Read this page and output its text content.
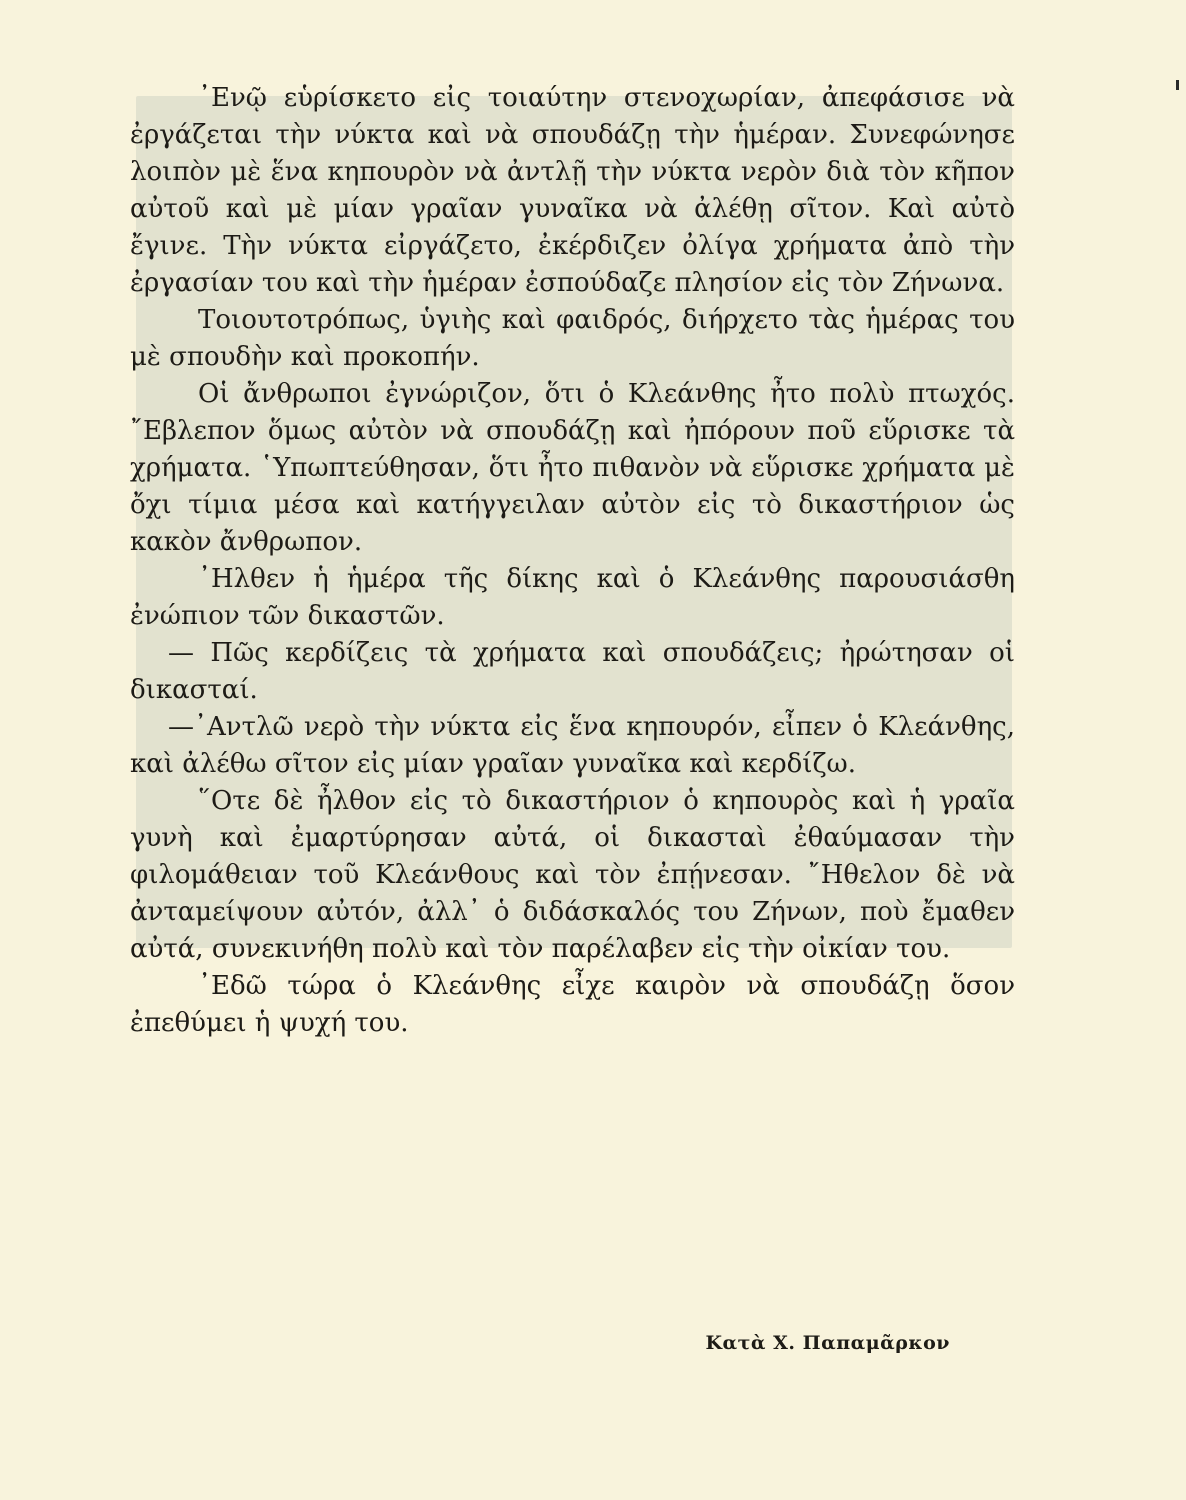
᾿Ενῷ εὑρίσκετο εἰς τοιαύτην στενοχωρίαν, ἀπεφάσισε νὰ ἐργάζεται τὴν νύκτα καὶ νὰ σπουδάζῃ τὴν ἡμέραν. Συνεφώνησε λοιπὸν μὲ ἕνα κηπουρὸν νὰ ἀντλῇ τὴν νύκτα νερὸν διὰ τὸν κῆπον αὐτοῦ καὶ μὲ μίαν γραῖαν γυναῖκα νὰ ἀλέθῃ σῖτον. Καὶ αὐτὸ ἔγινε. Τὴν νύκτα εἰργάζετο, ἐκέρδιζεν ὀλίγα χρήματα ἀπὸ τὴν ἐργασίαν του καὶ τὴν ἡμέραν ἐσπούδαζε πλησίον εἰς τὸν Ζήνωνα.

Τοιουτοτρόπως, ὑγιὴς καὶ φαιδρός, διήρχετο τὰς ἡμέρας του μὲ σπουδὴν καὶ προκοπήν.

Οἱ ἄνθρωποι ἐγνώριζον, ὅτι ὁ Κλεάνθης ἦτο πολὺ πτωχός. ῎Εβλεπον ὅμως αὐτὸν νὰ σπουδάζῃ καὶ ἠπόρουν ποῦ εὕρισκε τὰ χρήματα. ῾Υπωπτεύθησαν, ὅτι ἦτο πιθανὸν νὰ εὕρισκε χρήματα μὲ ὄχι τίμια μέσα καὶ κατήγγειλαν αὐτὸν εἰς τὸ δικαστήριον ὡς κακὸν ἄνθρωπον.

᾿Ηλθεν ἡ ἡμέρα τῆς δίκης καὶ ὁ Κλεάνθης παρουσιάσθη ἐνώπιον τῶν δικαστῶν.

— Πῶς κερδίζεις τὰ χρήματα καὶ σπουδάζεις; ἠρώτησαν οἱ δικασταί.

—᾿Αντλῶ νερὸ τὴν νύκτα εἰς ἕνα κηπουρόν, εἶπεν ὁ Κλεάνθης, καὶ ἀλέθω σῖτον εἰς μίαν γραῖαν γυναῖκα καὶ κερδίζω.

῞Οτε δὲ ἦλθον εἰς τὸ δικαστήριον ὁ κηπουρὸς καὶ ἡ γραῖα γυνὴ καὶ ἐμαρτύρησαν αὐτά, οἱ δικασταὶ ἐθαύμασαν τὴν φιλομάθειαν τοῦ Κλεάνθους καὶ τὸν ἐπῄνεσαν. ῎Ηθελον δὲ νὰ ἀνταμείψουν αὐτόν, ἀλλ᾿ ὁ διδάσκαλός του Ζήνων, ποὺ ἔμαθεν αὐτά, συνεκινήθη πολὺ καὶ τὸν παρέλαβεν εἰς τὴν οἰκίαν του.

᾿Εδῶ τώρα ὁ Κλεάνθης εἶχε καιρὸν νὰ σπουδάζῃ ὅσον ἐπεθύμει ἡ ψυχή του.

Κατὰ Χ. Παπαμᾶρκον
